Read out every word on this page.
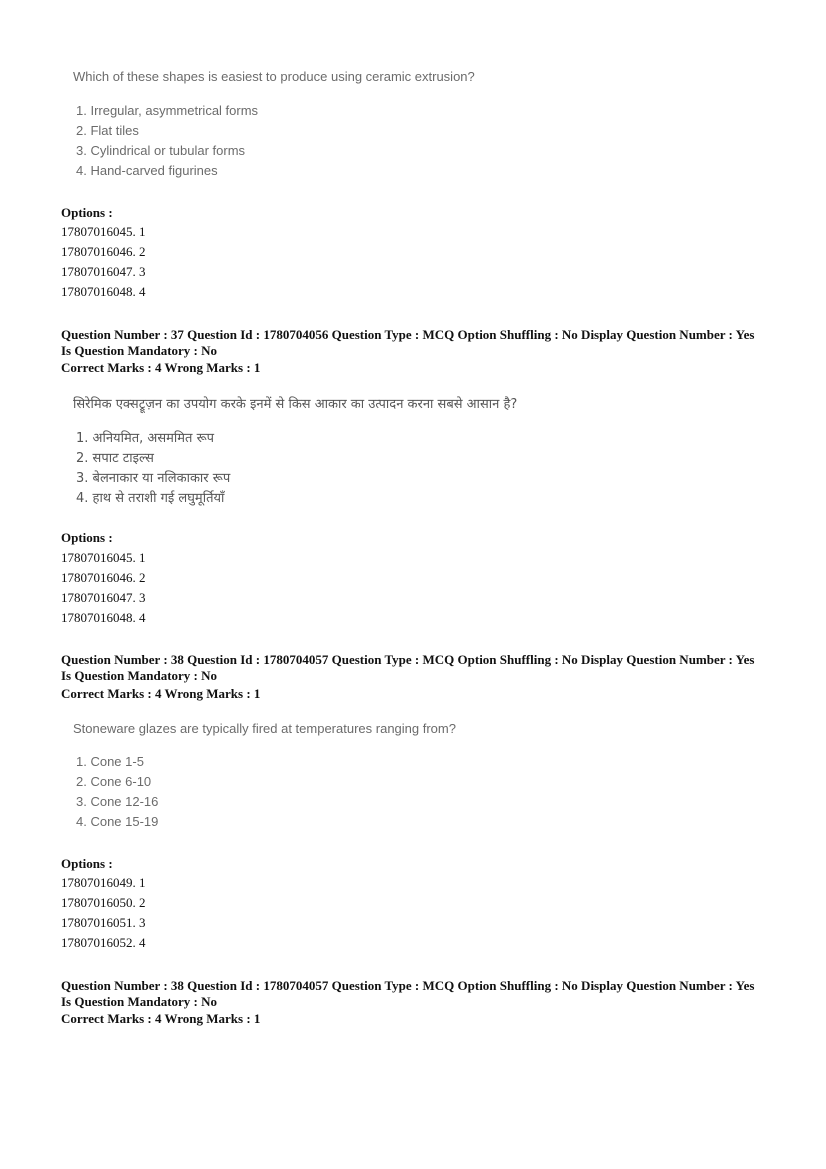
Which of these shapes is easiest to produce using ceramic extrusion?
1. Irregular, asymmetrical forms
2. Flat tiles
3. Cylindrical or tubular forms
4. Hand-carved figurines
Options :
17807016045. 1
17807016046. 2
17807016047. 3
17807016048. 4
Question Number : 37 Question Id : 1780704056 Question Type : MCQ Option Shuffling : No Display Question Number : Yes
Is Question Mandatory : No
Correct Marks : 4 Wrong Marks : 1
सिरेमिक एक्सट्रूज़न का उपयोग करके इनमें से किस आकार का उत्पादन करना सबसे आसान है?
1. अनियमित, असममित रूप
2. सपाट टाइल्स
3. बेलनाकार या नलिकाकार रूप
4. हाथ से तराशी गई लघुमूर्तियाँ
Options :
17807016045. 1
17807016046. 2
17807016047. 3
17807016048. 4
Question Number : 38 Question Id : 1780704057 Question Type : MCQ Option Shuffling : No Display Question Number : Yes
Is Question Mandatory : No
Correct Marks : 4 Wrong Marks : 1
Stoneware glazes are typically fired at temperatures ranging from?
1. Cone 1-5
2. Cone 6-10
3. Cone 12-16
4. Cone 15-19
Options :
17807016049. 1
17807016050. 2
17807016051. 3
17807016052. 4
Question Number : 38 Question Id : 1780704057 Question Type : MCQ Option Shuffling : No Display Question Number : Yes
Is Question Mandatory : No
Correct Marks : 4 Wrong Marks : 1
